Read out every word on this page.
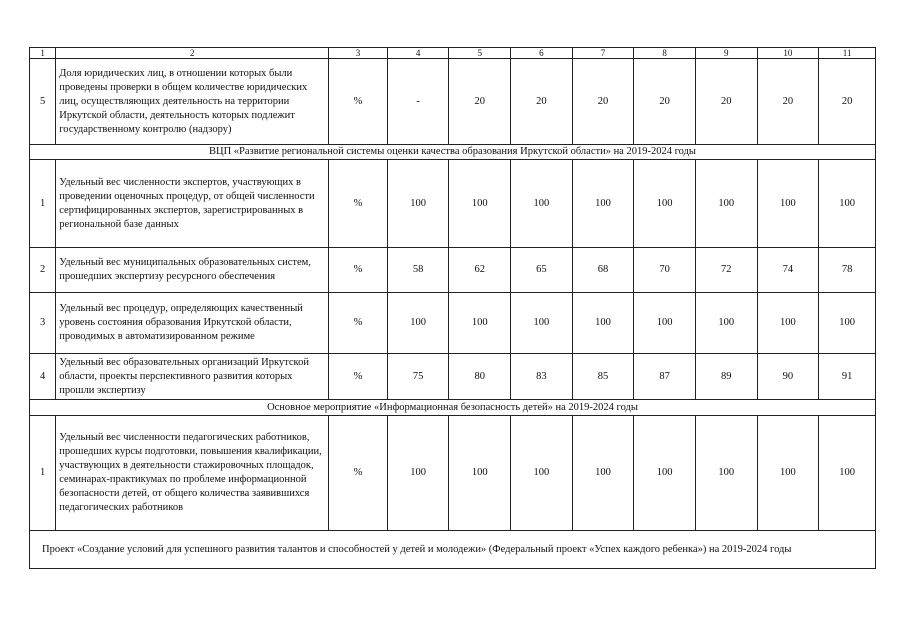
1	2	3	4	5	6	7	8	9	10	11
5	Доля юридических лиц, в отношении которых были проведены проверки в общем количестве юридических лиц, осуществляющих деятельность на территории Иркутской области, деятельность которых подлежит государственному контролю (надзору)	%	-	20	20	20	20	20	20	20
ВЦП «Развитие региональной системы оценки качества образования Иркутской области» на 2019-2024 годы										
1	Удельный вес численности экспертов, участвующих в проведении оценочных процедур, от общей численности сертифицированных экспертов, зарегистрированных в региональной базе данных	%	100	100	100	100	100	100	100	100
2	Удельный вес муниципальных образовательных систем, прошедших экспертизу ресурсного обеспечения	%	58	62	65	68	70	72	74	78
3	Удельный вес процедур, определяющих качественный уровень состояния образования Иркутской области, проводимых в автоматизированном режиме	%	100	100	100	100	100	100	100	100
4	Удельный вес образовательных организаций Иркутской области, проекты перспективного развития которых прошли экспертизу	%	75	80	83	85	87	89	90	91
Основное мероприятие «Информационная безопасность детей» на 2019-2024 годы										
1	Удельный вес численности педагогических работников, прошедших курсы подготовки, повышения квалификации, участвующих в деятельности стажировочных площадок, семинарах-практикумах по проблеме информационной безопасности детей, от общего количества заявившихся педагогических работников	%	100	100	100	100	100	100	100	100
Проект «Создание условий для успешного развития талантов и способностей у детей и молодежи» (Федеральный проект «Успех каждого ребенка») на 2019-2024 годы										
